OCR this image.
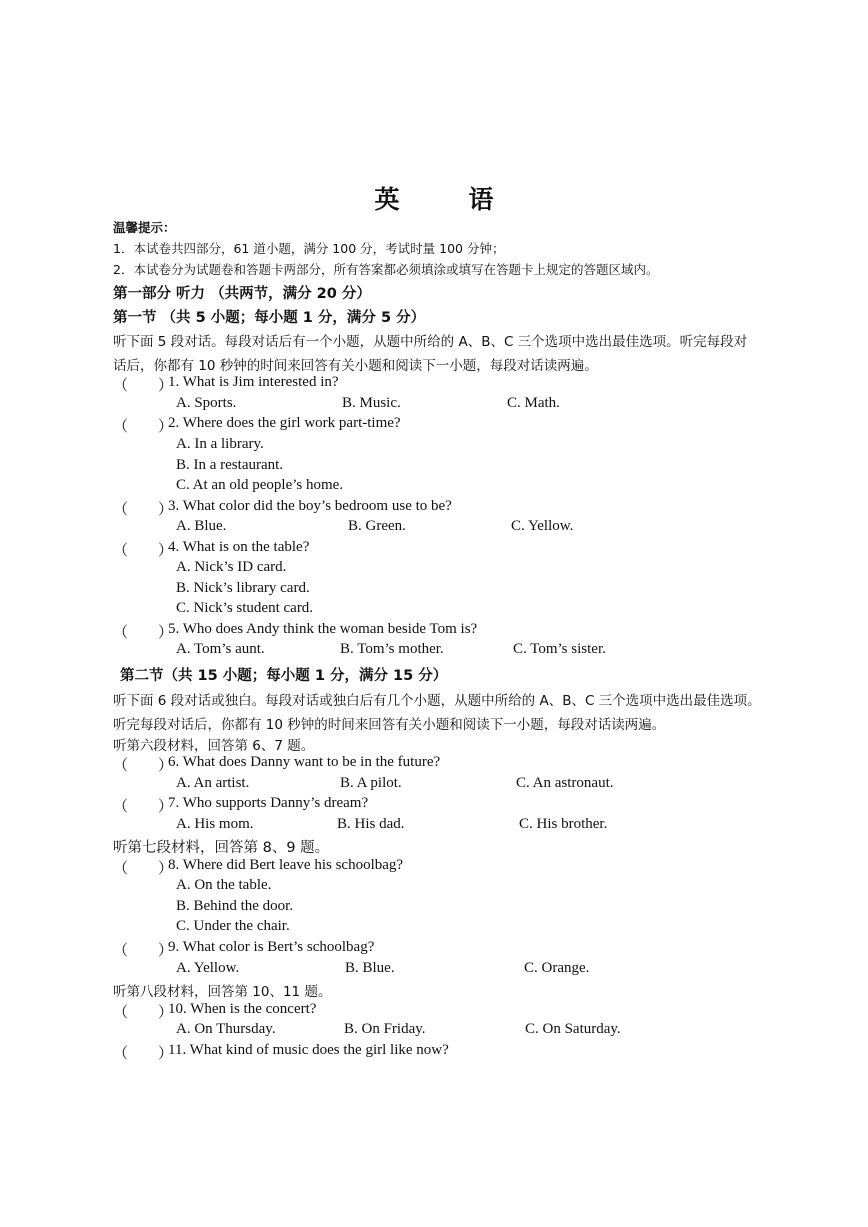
英　语
温馨提示：
1．本试卷共四部分，61 道小题，满分 100 分，考试时量 100 分钟；
2．本试卷分为试题卷和答题卡两部分，所有答案都必须填涂或填写在答题卡上规定的答题区域内。
第一部分 听力 （共两节，满分 20 分）
第一节 （共 5 小题；每小题 1 分，满分 5 分）
听下面 5 段对话。每段对话后有一个小题，从题中所给的 A、B、C 三个选项中选出最佳选项。听完每段对
话后，你都有 10 秒钟的时间来回答有关小题和阅读下一小题，每段对话读两遍。
（　　）
1. What is Jim interested in?
A. Sports.	B. Music.	C. Math.
（　　）
2. Where does the girl work part-time?
A. In a library.
B. In a restaurant.
C. At an old people’s home.
（　　）
3. What color did the boy’s bedroom use to be?
A. Blue.	B. Green.	C. Yellow.
（　　）
4. What is on the table?
A. Nick’s ID card.
B. Nick’s library card.
C. Nick’s student card.
（　　）
5. Who does Andy think the woman beside Tom is?
A. Tom’s aunt.	B. Tom’s mother.	C. Tom’s sister.
第二节（共 15 小题；每小题 1 分，满分 15 分）
听下面 6 段对话或独白。每段对话或独白后有几个小题，从题中所给的 A、B、C 三个选项中选出最佳选项。
听完每段对话后，你都有 10 秒钟的时间来回答有关小题和阅读下一小题，每段对话读两遍。
听第六段材料，回答第 6、7 题。
（　　）
6. What does Danny want to be in the future?
A. An artist.	B. A pilot.	C. An astronaut.
（　　）
7. Who supports Danny’s dream?
A. His mom.	B. His dad.	C. His brother.
听第七段材料，回答第 8、9 题。
（　　）
8. Where did Bert leave his schoolbag?
A. On the table.
B. Behind the door.
C. Under the chair.
（　　）
9. What color is Bert’s schoolbag?
A. Yellow.	B. Blue.	C. Orange.
听第八段材料，回答第 10、11 题。
（　　）
10. When is the concert?
A. On Thursday.	B. On Friday.	C. On Saturday.
（　　）
11. What kind of music does the girl like now?
